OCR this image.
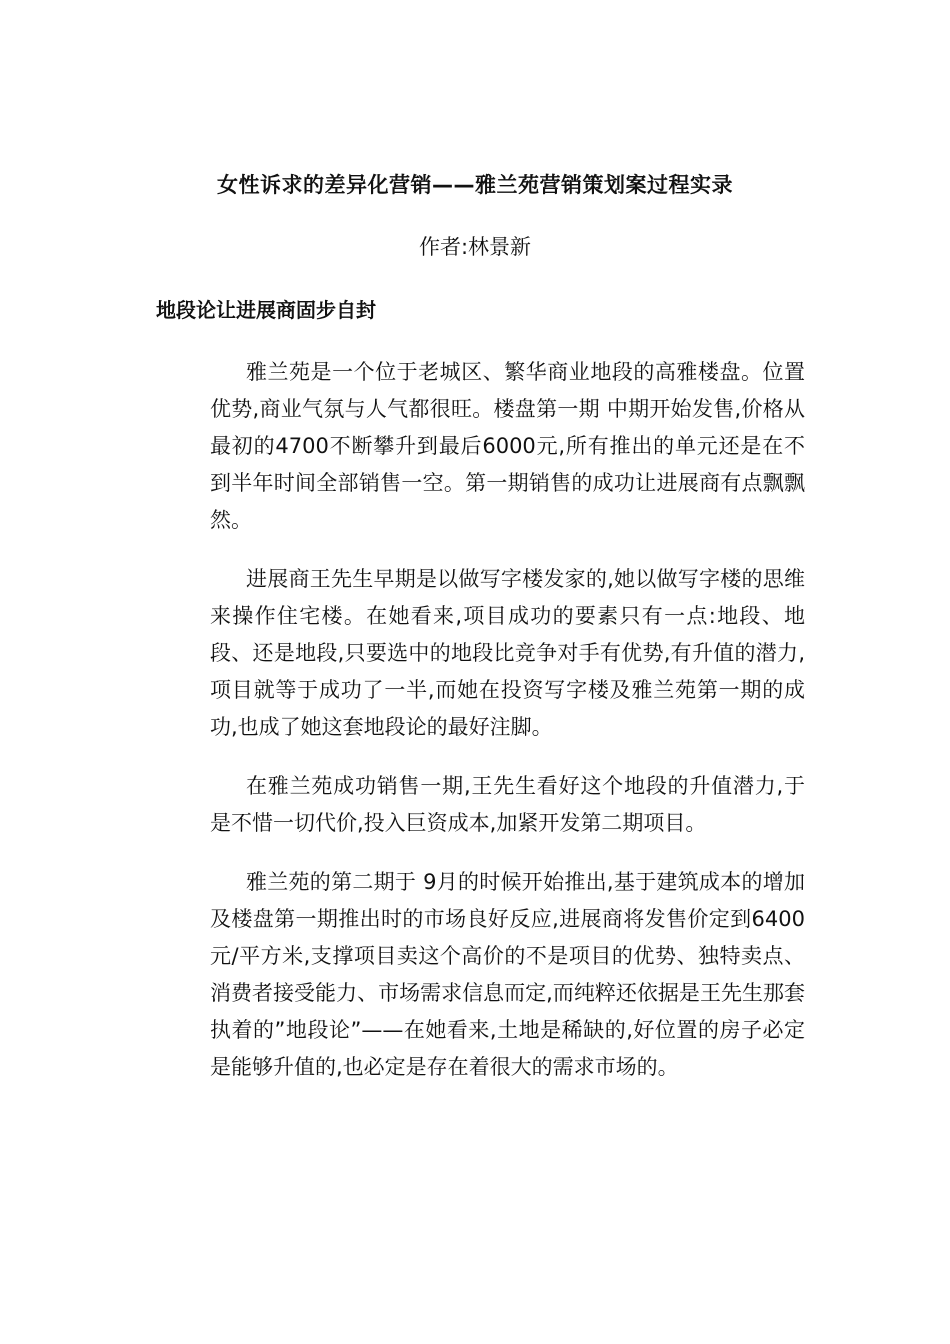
女性诉求的差异化营销——雅兰苑营销策划案过程实录

作者:林景新

地段论让进展商固步自封

雅兰苑是一个位于老城区、繁华商业地段的高雅楼盘。位置优势,商业气氛与人气都很旺。楼盘第一期 中期开始发售,价格从最初的4700不断攀升到最后6000元,所有推出的单元还是在不到半年时间全部销售一空。第一期销售的成功让进展商有点飘飘然。

进展商王先生早期是以做写字楼发家的,她以做写字楼的思维来操作住宅楼。在她看来,项目成功的要素只有一点:地段、地段、还是地段,只要选中的地段比竞争对手有优势,有升值的潜力,项目就等于成功了一半,而她在投资写字楼及雅兰苑第一期的成功,也成了她这套地段论的最好注脚。

在雅兰苑成功销售一期,王先生看好这个地段的升值潜力,于是不惜一切代价,投入巨资成本,加紧开发第二期项目。

雅兰苑的第二期于 9月的时候开始推出,基于建筑成本的增加及楼盘第一期推出时的市场良好反应,进展商将发售价定到6400元/平方米,支撑项目卖这个高价的不是项目的优势、独特卖点、消费者接受能力、市场需求信息而定,而纯粹还依据是王先生那套执着的”地段论”——在她看来,土地是稀缺的,好位置的房子必定是能够升值的,也必定是存在着很大的需求市场的。
